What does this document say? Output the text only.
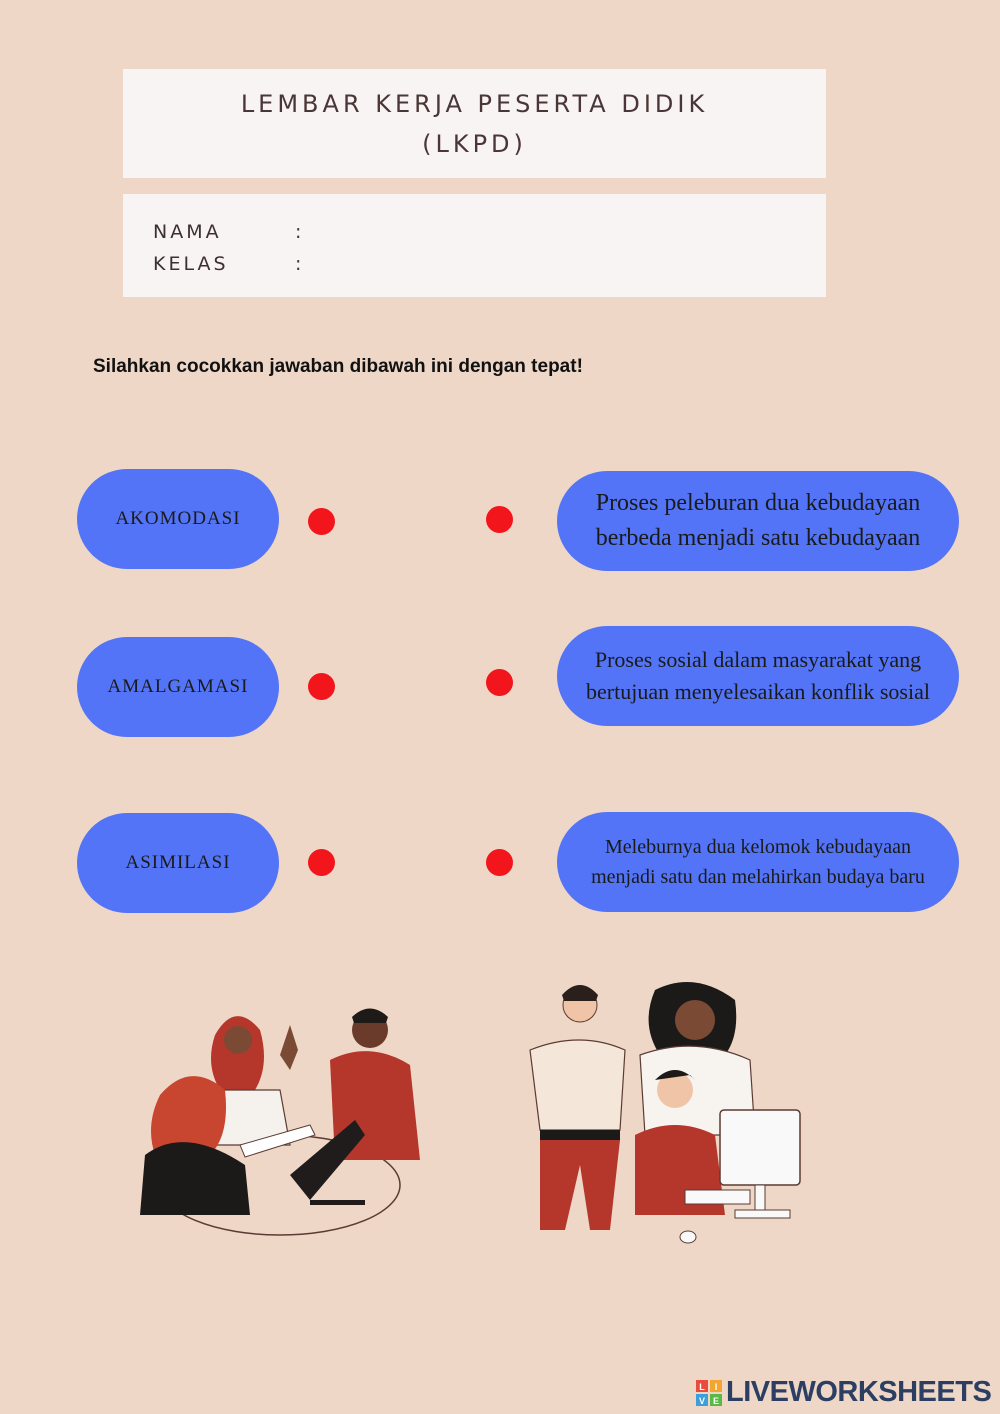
LEMBAR KERJA PESERTA DIDIK
(LKPD)
NAMA	:
KELAS	:
Silahkan cocokkan jawaban dibawah ini dengan tepat!
AKOMODASI
Proses peleburan dua kebudayaan
berbeda menjadi satu kebudayaan
AMALGAMASI
Proses sosial dalam masyarakat yang
bertujuan menyelesaikan konflik sosial
ASIMILASI
Meleburnya dua kelomok kebudayaan
menjadi satu dan melahirkan budaya baru
L I
V E LIVEWORKSHEETS
